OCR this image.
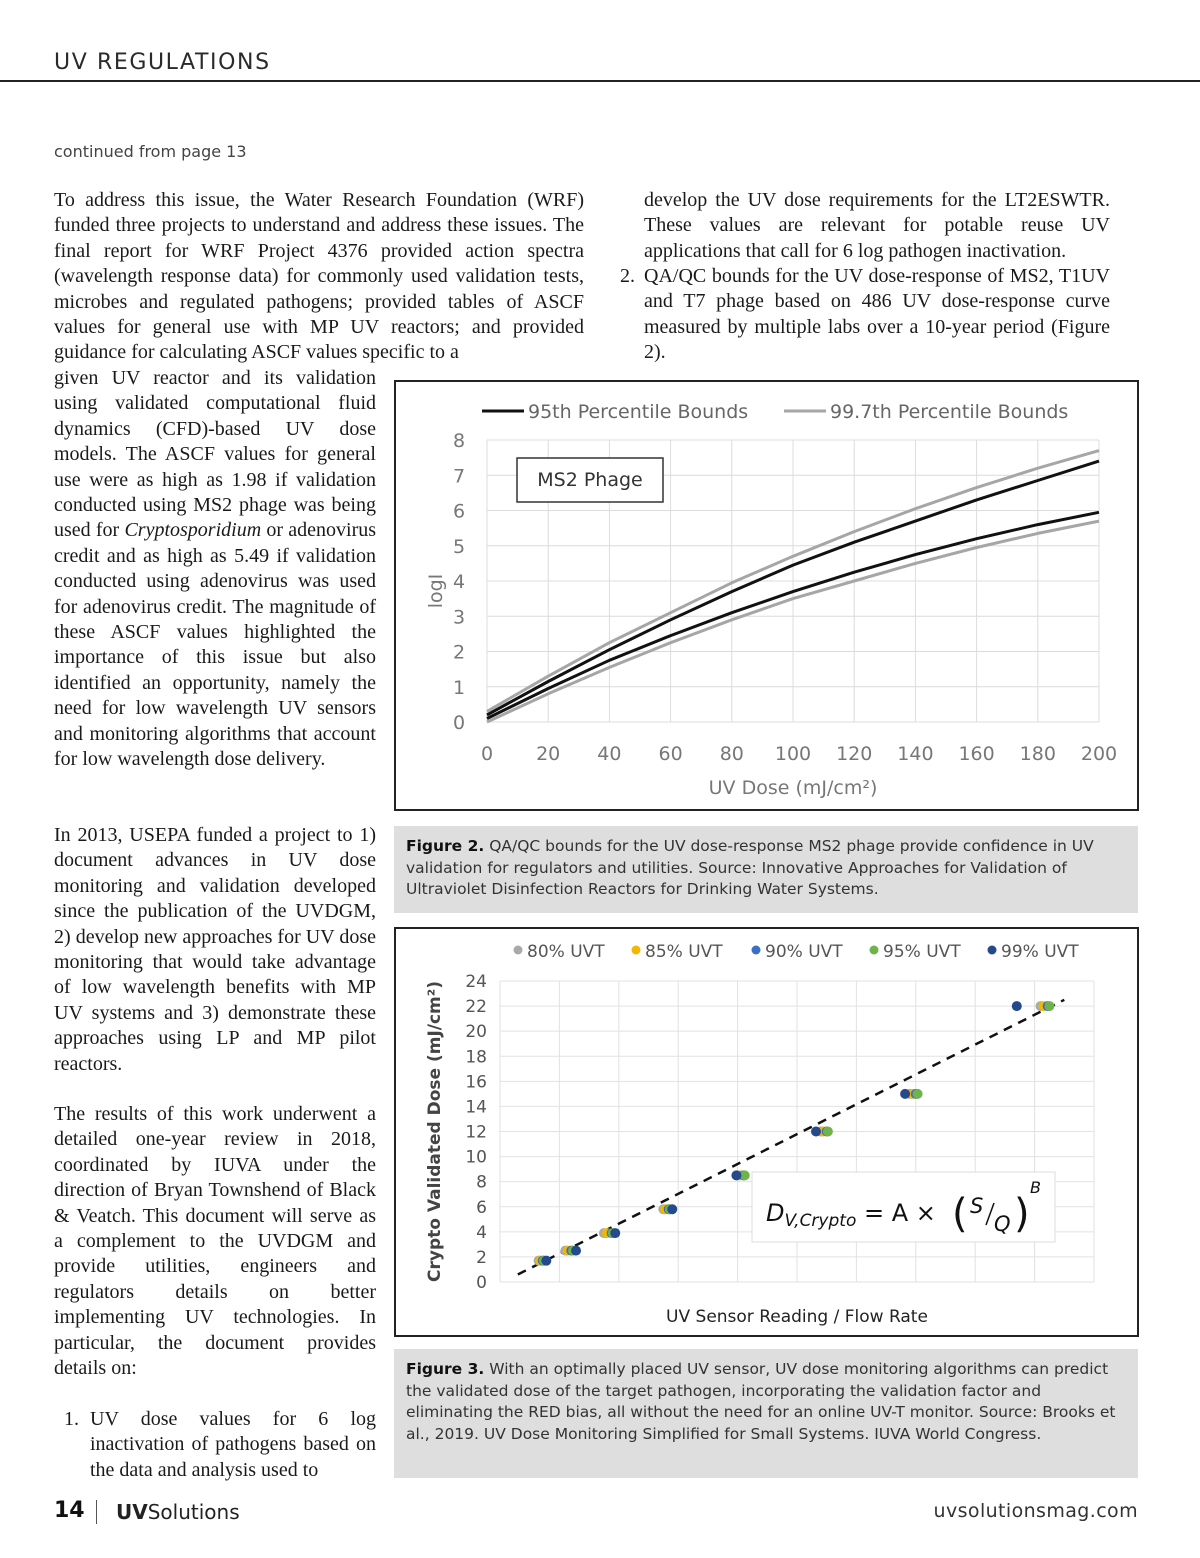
UV REGULATIONS
continued from page 13

To address this issue, the Water Research Foundation (WRF) funded three projects to understand and address these issues. The final report for WRF Project 4376 provided action spectra (wavelength response data) for commonly used validation tests, microbes and regulated pathogens; provided tables of ASCF values for general use with MP UV reactors; and provided guidance for calculating ASCF values specific to a

given UV reactor and its validation using validated computational fluid dynamics (CFD)-based UV dose models. The ASCF values for general use were as high as 1.98 if validation conducted using MS2 phage was being used for Cryptosporidium or adenovirus credit and as high as 5.49 if validation conducted using adenovirus was used for adenovirus credit. The magnitude of these ASCF values highlighted the importance of this issue but also identified an opportunity, namely the need for low wavelength UV sensors and monitoring algorithms that account for low wavelength dose delivery.

In 2013, USEPA funded a project to 1) document advances in UV dose monitoring and validation developed since the publication of the UVDGM, 2) develop new approaches for UV dose monitoring that would take advantage of low wavelength benefits with MP UV systems and 3) demonstrate these approaches using LP and MP pilot reactors.

The results of this work underwent a detailed one-year review in 2018, coordinated by IUVA under the direction of Bryan Townshend of Black & Veatch. This document will serve as a complement to the UVDGM and provide utilities, engineers and regulators details on better implementing UV technologies. In particular, the document provides details on:

1. UV dose values for 6 log inactivation of pathogens based on the data and analysis used to

develop the UV dose requirements for the LT2ESWTR. These values are relevant for potable reuse UV applications that call for 6 log pathogen inactivation.

2. QA/QC bounds for the UV dose-response of MS2, T1UV and T7 phage based on 486 UV dose-response curve measured by multiple labs over a 10-year period (Figure 2).

0 20 40 60 80 100 120 140 160 180 200
0
1
2
3
4
5
6
7
8
UV Dose (mJ/cm²)
logI
95th Percentile Bounds	99.7th Percentile Bounds
MS2 Phage
Figure 2. QA/QC bounds for the UV dose-response MS2 phage provide confidence in UV validation for regulators and utilities. Source: Innovative Approaches for Validation of Ultraviolet Disinfection Reactors for Drinking Water Systems.
0
2
4
6
8
10
12
14
16
18
20
22
24
UV Sensor Reading / Flow Rate
Crypto Validated Dose (mJ/cm²)	$D_{V,Crypto} = A$ × ( S
Q )
B
80% UVT 85% UVT 90% UVT 95% UVT 99% UVT
Figure 3. With an optimally placed UV sensor, UV dose monitoring algorithms can predict the validated dose of the target pathogen, incorporating the validation factor and eliminating the RED bias, all without the need for an online UV-T monitor. Source: Brooks et al., 2019. UV Dose Monitoring Simplified for Small Systems. IUVA World Congress.
14 UVSolutions	uvsolutionsmag.com
